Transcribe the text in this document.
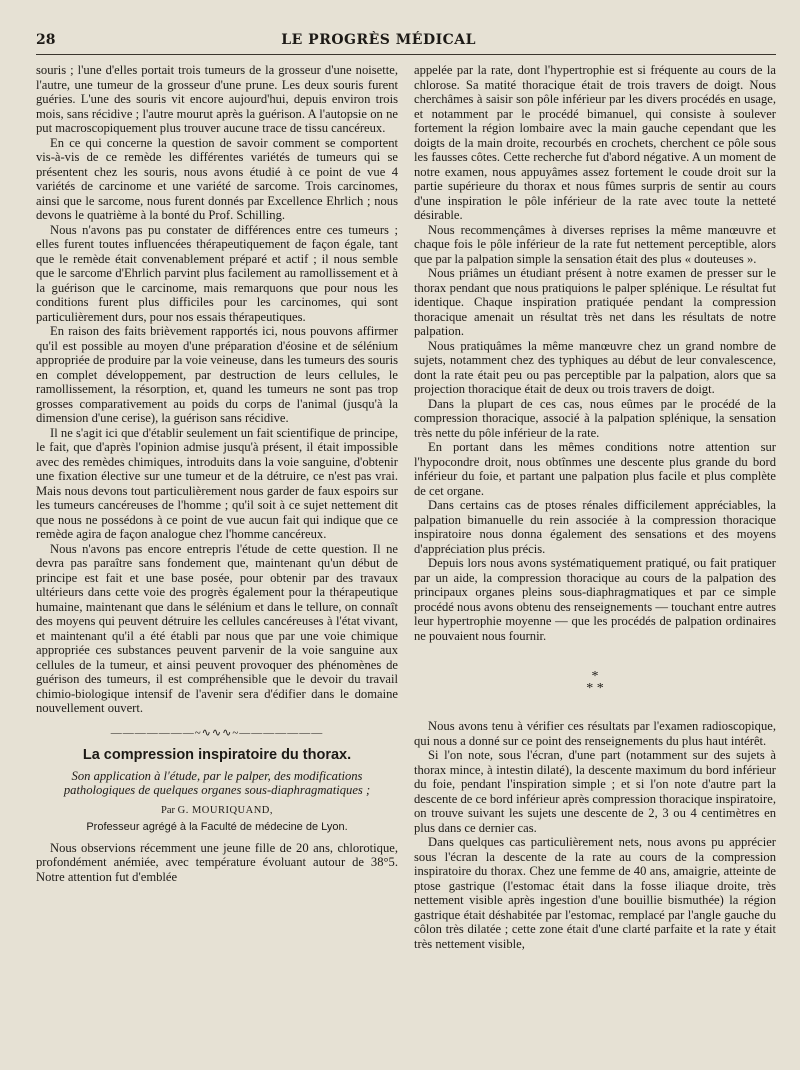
28	LE PROGRÈS MÉDICAL

souris ; l'une d'elles portait trois tumeurs de la grosseur d'une noisette, l'autre, une tumeur de la grosseur d'une prune. Les deux souris furent guéries. L'une des souris vit encore aujourd'hui, depuis environ trois mois, sans récidive ; l'autre mourut après la guérison. A l'autopsie on ne put macroscopiquement plus trouver aucune trace de tissu cancéreux.

En ce qui concerne la question de savoir comment se comportent vis-à-vis de ce remède les différentes variétés de tumeurs qui se présentent chez les souris, nous avons étudié à ce point de vue 4 variétés de carcinome et une variété de sarcome. Trois carcinomes, ainsi que le sarcome, nous furent donnés par Excellence Ehrlich ; nous devons le quatrième à la bonté du Prof. Schilling.

Nous n'avons pas pu constater de différences entre ces tumeurs ; elles furent toutes influencées thérapeutiquement de façon égale, tant que le remède était convenablement préparé et actif ; il nous semble que le sarcome d'Ehrlich parvint plus facilement au ramollissement et à la guérison que le carcinome, mais remarquons que pour nous les conditions furent plus difficiles pour les carcinomes, qui sont particulièrement durs, pour nos essais thérapeutiques.

En raison des faits brièvement rapportés ici, nous pouvons affirmer qu'il est possible au moyen d'une préparation d'éosine et de sélénium appropriée de produire par la voie veineuse, dans les tumeurs des souris en complet développement, par destruction de leurs cellules, le ramollissement, la résorption, et, quand les tumeurs ne sont pas trop grosses comparativement au poids du corps de l'animal (jusqu'à la dimension d'une cerise), la guérison sans récidive.

Il ne s'agit ici que d'établir seulement un fait scientifique de principe, le fait, que d'après l'opinion admise jusqu'à présent, il était impossible avec des remèdes chimiques, introduits dans la voie sanguine, d'obtenir une fixation élective sur une tumeur et de la détruire, ce n'est pas vrai. Mais nous devons tout particulièrement nous garder de faux espoirs sur les tumeurs cancéreuses de l'homme ; qu'il soit à ce sujet nettement dit que nous ne possédons à ce point de vue aucun fait qui indique que ce remède agira de façon analogue chez l'homme cancéreux.

Nous n'avons pas encore entrepris l'étude de cette question. Il ne devra pas paraître sans fondement que, maintenant qu'un début de principe est fait et une base posée, pour obtenir par des travaux ultérieurs dans cette voie des progrès également pour la thérapeutique humaine, maintenant que dans le sélénium et dans le tellure, on connaît des moyens qui peuvent détruire les cellules cancéreuses à l'état vivant, et maintenant qu'il a été établi par nous que par une voie chimique appropriée ces substances peuvent parvenir de la voie sanguine aux cellules de la tumeur, et ainsi peuvent provoquer des phénomènes de guérison des tumeurs, il est compréhensible que le devoir du travail chimio-biologique intensif de l'avenir sera d'édifier dans le domaine nouvellement ouvert.

———————~∿∿∿~———————
La compression inspiratoire du thorax.
Son application à l'étude, par le palper, des modifications pathologiques de quelques organes sous-diaphragmatiques ;
Par G. MOURIQUAND,
Professeur agrégé à la Faculté de médecine de Lyon.

Nous observions récemment une jeune fille de 20 ans, chlorotique, profondément anémiée, avec température évoluant autour de 38°5. Notre attention fut d'emblée

appelée par la rate, dont l'hypertrophie est si fréquente au cours de la chlorose. Sa matité thoracique était de trois travers de doigt. Nous cherchâmes à saisir son pôle inférieur par les divers procédés en usage, et notamment par le procédé bimanuel, qui consiste à soulever fortement la région lombaire avec la main gauche cependant que les doigts de la main droite, recourbés en crochets, cherchent ce pôle sous les fausses côtes. Cette recherche fut d'abord négative. A un moment de notre examen, nous appuyâmes assez fortement le coude droit sur la partie supérieure du thorax et nous fûmes surpris de sentir au cours d'une inspiration le pôle inférieur de la rate avec toute la netteté désirable.

Nous recommençâmes à diverses reprises la même manœuvre et chaque fois le pôle inférieur de la rate fut nettement perceptible, alors que par la palpation simple la sensation était des plus « douteuses ».

Nous priâmes un étudiant présent à notre examen de presser sur le thorax pendant que nous pratiquions le palper splénique. Le résultat fut identique. Chaque inspiration pratiquée pendant la compression thoracique amenait un résultat très net dans les résultats de notre palpation.

Nous pratiquâmes la même manœuvre chez un grand nombre de sujets, notamment chez des typhiques au début de leur convalescence, dont la rate était peu ou pas perceptible par la palpation, alors que sa projection thoracique était de deux ou trois travers de doigt.

Dans la plupart de ces cas, nous eûmes par le procédé de la compression thoracique, associé à la palpation splénique, la sensation très nette du pôle inférieur de la rate.

En portant dans les mêmes conditions notre attention sur l'hypocondre droit, nous obtînmes une descente plus grande du bord inférieur du foie, et partant une palpation plus facile et plus complète de cet organe.

Dans certains cas de ptoses rénales difficilement appréciables, la palpation bimanuelle du rein associée à la compression thoracique inspiratoire nous donna également des sensations et des moyens d'appréciation plus précis.

Depuis lors nous avons systématiquement pratiqué, ou fait pratiquer par un aide, la compression thoracique au cours de la palpation des principaux organes pleins sous-diaphragmatiques et par ce simple procédé nous avons obtenu des renseignements — touchant entre autres leur hypertrophie moyenne — que les procédés de palpation ordinaires ne pouvaient nous fournir.

*
* *

Nous avons tenu à vérifier ces résultats par l'examen radioscopique, qui nous a donné sur ce point des renseignements du plus haut intérêt.

Si l'on note, sous l'écran, d'une part (notamment sur des sujets à thorax mince, à intestin dilaté), la descente maximum du bord inférieur du foie, pendant l'inspiration simple ; et si l'on note d'autre part la descente de ce bord inférieur après compression thoracique inspiratoire, on trouve suivant les sujets une descente de 2, 3 ou 4 centimètres en plus dans ce dernier cas.

Dans quelques cas particulièrement nets, nous avons pu apprécier sous l'écran la descente de la rate au cours de la compression inspiratoire du thorax. Chez une femme de 40 ans, amaigrie, atteinte de ptose gastrique (l'estomac était dans la fosse iliaque droite, très nettement visible après ingestion d'une bouillie bismuthée) la région gastrique était déshabitée par l'estomac, remplacé par l'angle gauche du côlon très dilatée ; cette zone était d'une clarté parfaite et la rate y était très nettement visible,
